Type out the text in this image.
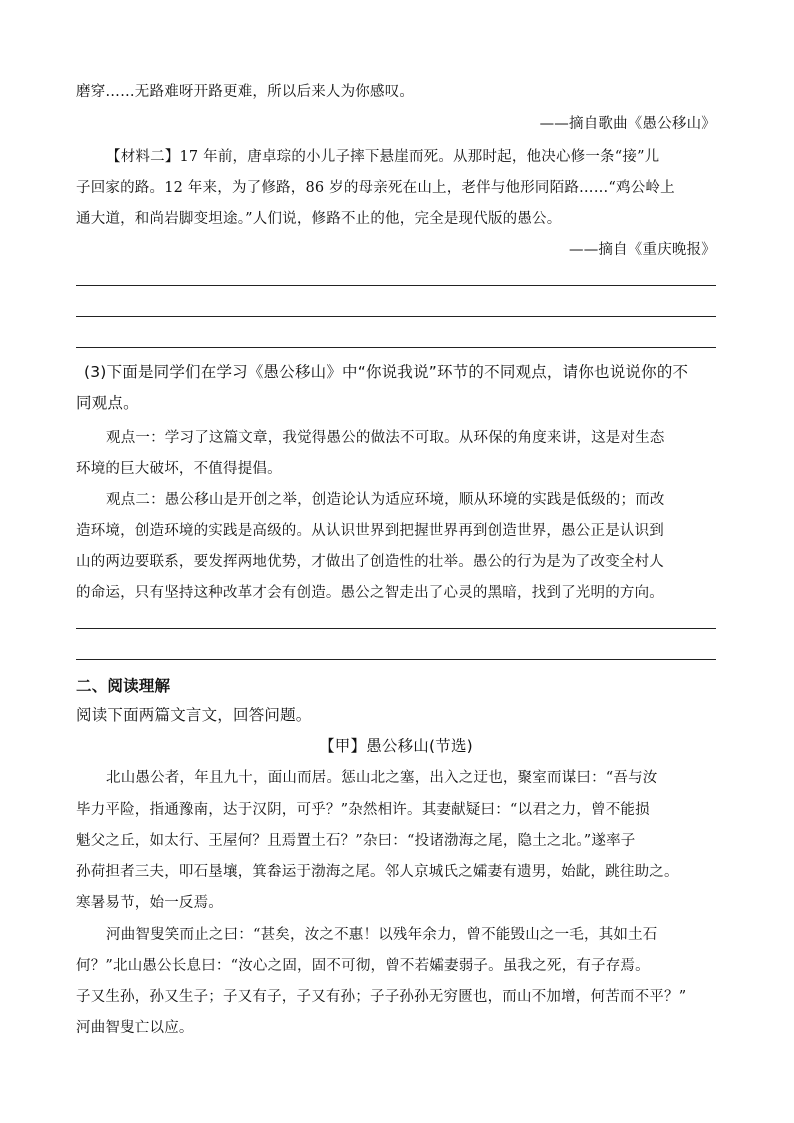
磨穿……无路难呀开路更难，所以后来人为你感叹。
——摘自歌曲《愚公移山》
【材料二】17 年前，唐卓琮的小儿子摔下悬崖而死。从那时起，他决心修一条“接”儿
子回家的路。12 年来，为了修路，86 岁的母亲死在山上，老伴与他形同陌路……“鸡公岭上
通大道，和尚岩脚变坦途。”人们说，修路不止的他，完全是现代版的愚公。
——摘自《重庆晚报》
(3)下面是同学们在学习《愚公移山》中“你说我说”环节的不同观点，请你也说说你的不
同观点。
观点一：学习了这篇文章，我觉得愚公的做法不可取。从环保的角度来讲，这是对生态
环境的巨大破坏，不值得提倡。
观点二：愚公移山是开创之举，创造论认为适应环境，顺从环境的实践是低级的；而改
造环境，创造环境的实践是高级的。从认识世界到把握世界再到创造世界，愚公正是认识到
山的两边要联系，要发挥两地优势，才做出了创造性的壮举。愚公的行为是为了改变全村人
的命运，只有坚持这种改革才会有创造。愚公之智走出了心灵的黑暗，找到了光明的方向。
二、阅读理解
阅读下面两篇文言文，回答问题。
【甲】愚公移山(节选)
北山愚公者，年且九十，面山而居。惩山北之塞，出入之迂也，聚室而谋曰：“吾与汝
毕力平险，指通豫南，达于汉阴，可乎？”杂然相许。其妻献疑曰：“以君之力，曾不能损
魁父之丘，如太行、王屋何？且焉置土石？”杂曰：“投诸渤海之尾，隐土之北。”遂率子
孙荷担者三夫，叩石垦壤，箕畚运于渤海之尾。邻人京城氏之孀妻有遗男，始龀，跳往助之。
寒暑易节，始一反焉。
河曲智叟笑而止之曰：“甚矣，汝之不惠！以残年余力，曾不能毁山之一毛，其如土石
何？”北山愚公长息曰：“汝心之固，固不可彻，曾不若孀妻弱子。虽我之死，有子存焉。
子又生孙，孙又生子；子又有子，子又有孙；子子孙孙无穷匮也，而山不加增，何苦而不平？”
河曲智叟亡以应。
